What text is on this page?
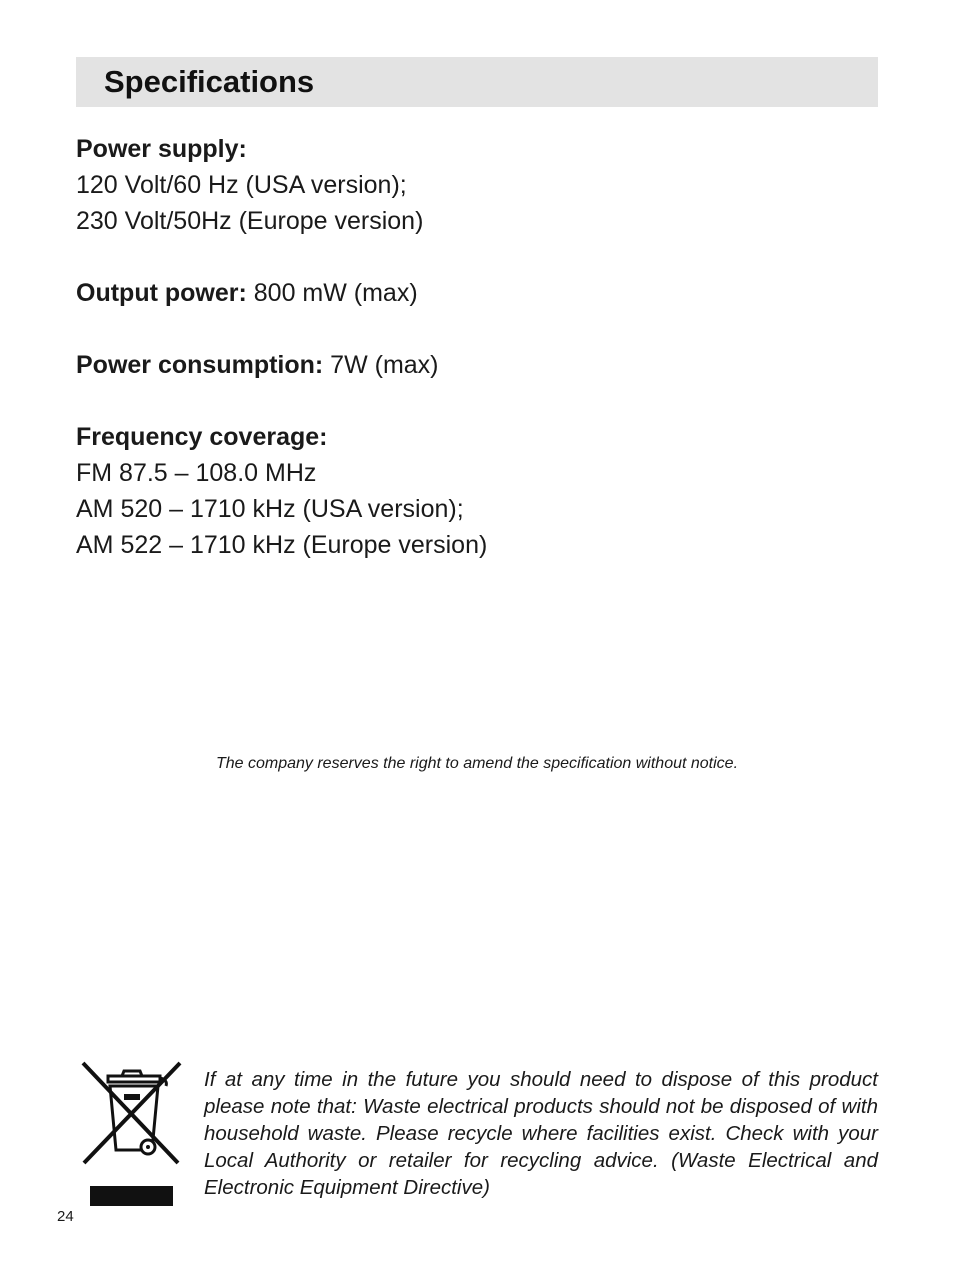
Specifications
Power supply:
120 Volt/60 Hz (USA version);
230 Volt/50Hz (Europe version)
Output power: 800 mW (max)
Power consumption: 7W (max)
Frequency coverage:
FM 87.5 – 108.0 MHz
AM 520 – 1710 kHz (USA version);
AM 522 – 1710 kHz (Europe version)
The company reserves the right to amend the specification without notice.
If at any time in the future you should need to dispose of this product please note that: Waste electrical products should not be disposed of with household waste. Please recycle where facilities exist. Check with your Local Authority or retailer for recycling advice. (Waste Electrical and Electronic Equipment Directive)
24
